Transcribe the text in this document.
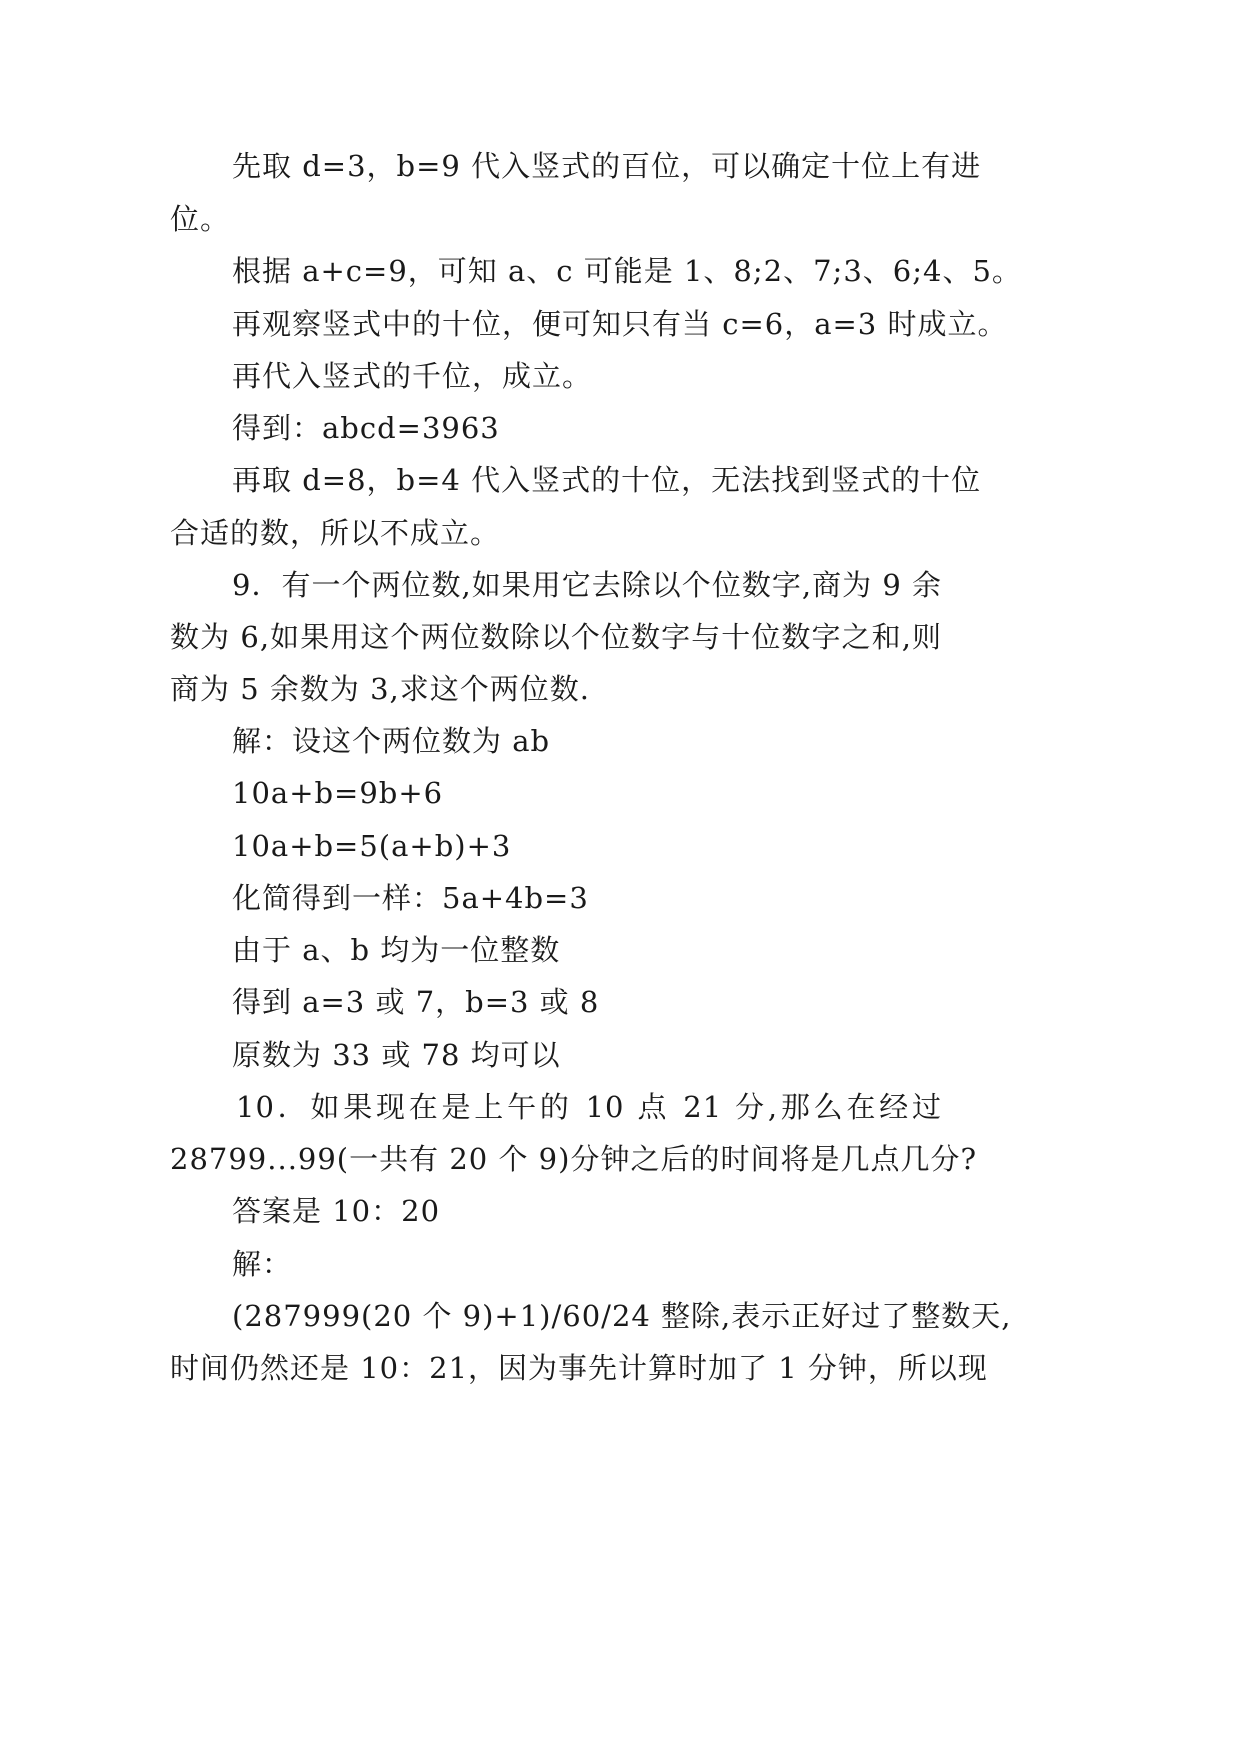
先取 d=3，b=9 代入竖式的百位，可以确定十位上有进
位。
根据 a+c=9，可知 a、c 可能是 1、8;2、7;3、6;4、5。
再观察竖式中的十位，便可知只有当 c=6，a=3 时成立。
再代入竖式的千位，成立。
得到：abcd=3963
再取 d=8，b=4 代入竖式的十位，无法找到竖式的十位
合适的数，所以不成立。
9．有一个两位数,如果用它去除以个位数字,商为 9 余
数为 6,如果用这个两位数除以个位数字与十位数字之和,则
商为 5 余数为 3,求这个两位数.
解：设这个两位数为 ab
10a+b=9b+6
10a+b=5(a+b)+3
化简得到一样：5a+4b=3
由于 a、b 均为一位整数
得到 a=3 或 7，b=3 或 8
原数为 33 或 78 均可以
10．如果现在是上午的 10 点 21 分,那么在经过
28799...99(一共有 20 个 9)分钟之后的时间将是几点几分?
答案是 10：20
解：
(287999(20 个 9)+1)/60/24 整除,表示正好过了整数天,
时间仍然还是 10：21，因为事先计算时加了 1 分钟，所以现
